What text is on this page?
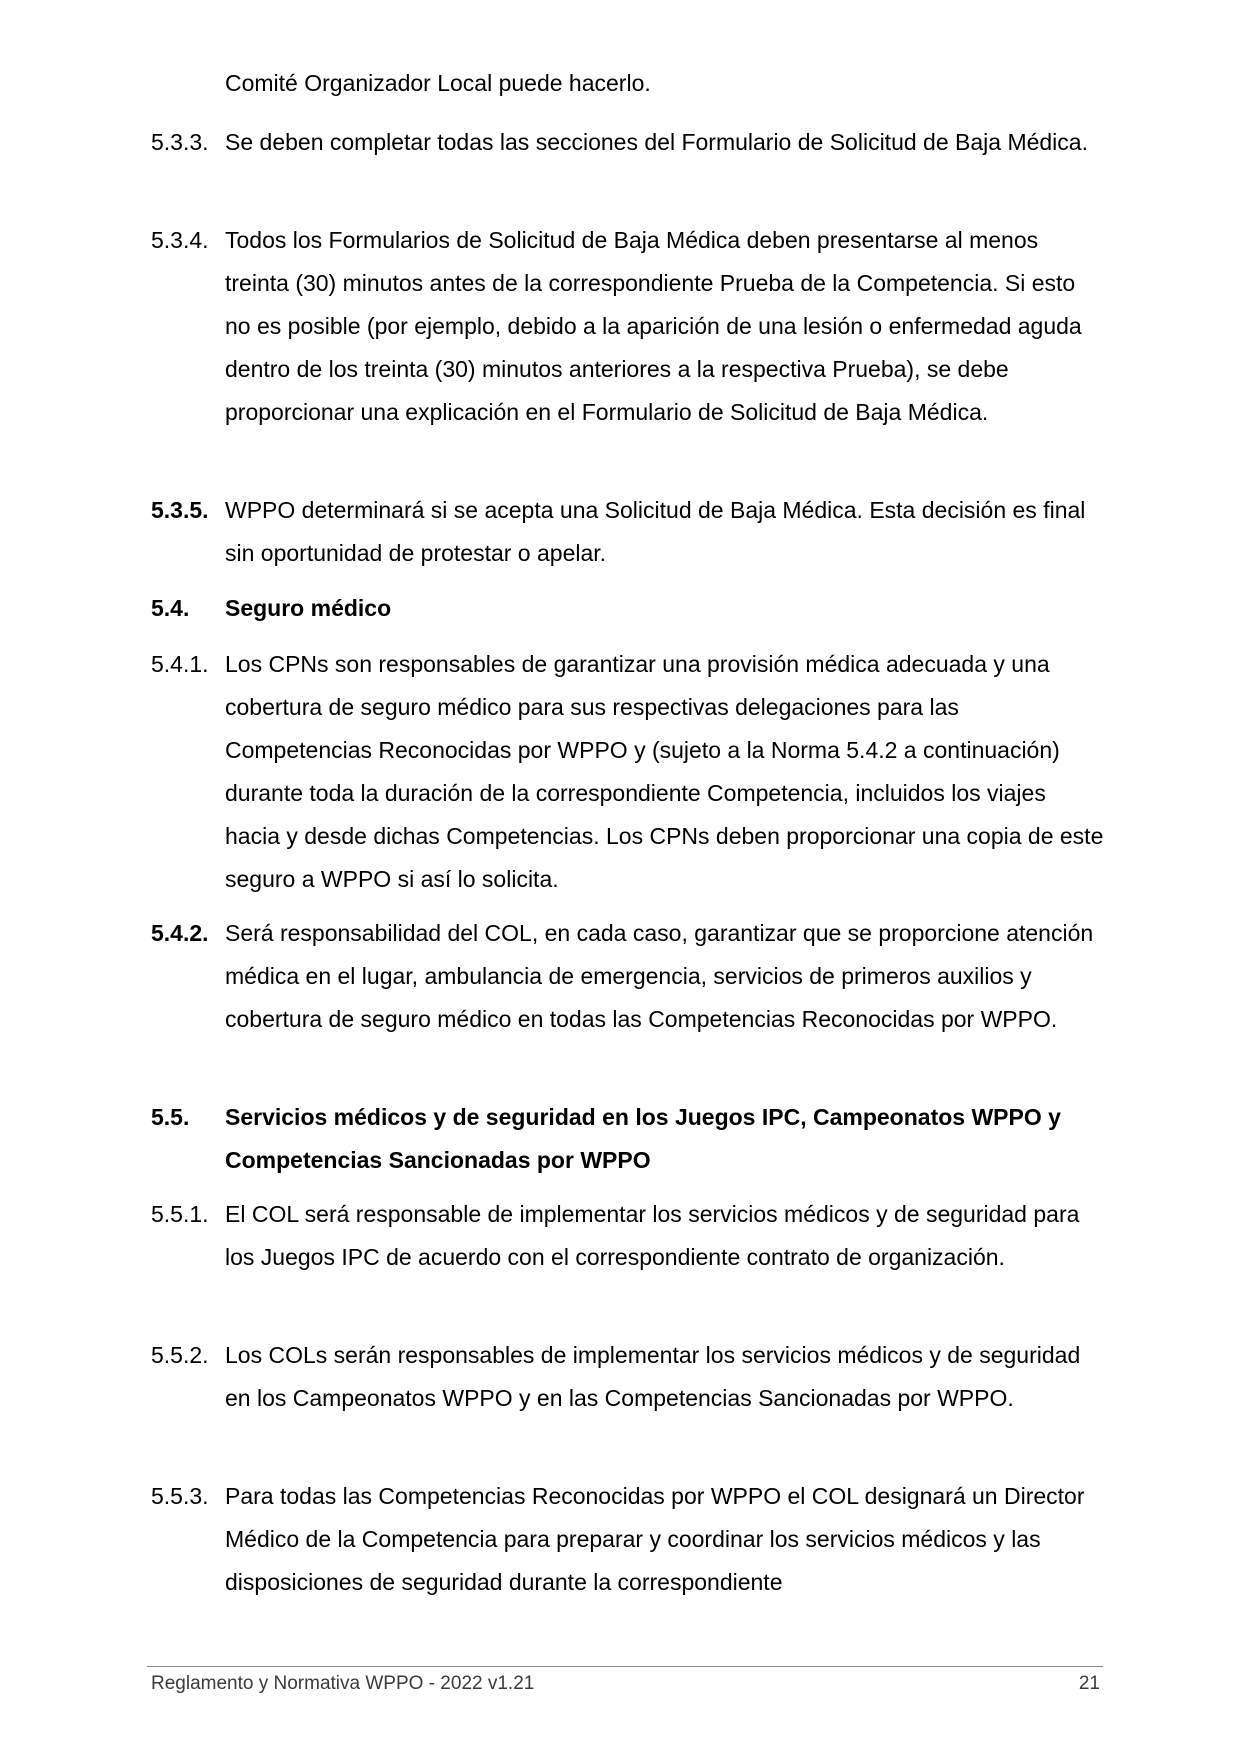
Comité Organizador Local puede hacerlo.
5.3.3. Se deben completar todas las secciones del Formulario de Solicitud de Baja Médica.
5.3.4. Todos los Formularios de Solicitud de Baja Médica deben presentarse al menos treinta (30) minutos antes de la correspondiente Prueba de la Competencia. Si esto no es posible (por ejemplo, debido a la aparición de una lesión o enfermedad aguda dentro de los treinta (30) minutos anteriores a la respectiva Prueba), se debe proporcionar una explicación en el Formulario de Solicitud de Baja Médica.
5.3.5. WPPO determinará si se acepta una Solicitud de Baja Médica. Esta decisión es final sin oportunidad de protestar o apelar.
5.4. Seguro médico
5.4.1. Los CPNs son responsables de garantizar una provisión médica adecuada y una cobertura de seguro médico para sus respectivas delegaciones para las Competencias Reconocidas por WPPO y (sujeto a la Norma 5.4.2 a continuación) durante toda la duración de la correspondiente Competencia, incluidos los viajes hacia y desde dichas Competencias. Los CPNs deben proporcionar una copia de este seguro a WPPO si así lo solicita.
5.4.2. Será responsabilidad del COL, en cada caso, garantizar que se proporcione atención médica en el lugar, ambulancia de emergencia, servicios de primeros auxilios y cobertura de seguro médico en todas las Competencias Reconocidas por WPPO.
5.5. Servicios médicos y de seguridad en los Juegos IPC, Campeonatos WPPO y Competencias Sancionadas por WPPO
5.5.1. El COL será responsable de implementar los servicios médicos y de seguridad para los Juegos IPC de acuerdo con el correspondiente contrato de organización.
5.5.2. Los COLs serán responsables de implementar los servicios médicos y de seguridad en los Campeonatos WPPO y en las Competencias Sancionadas por WPPO.
5.5.3. Para todas las Competencias Reconocidas por WPPO el COL designará un Director Médico de la Competencia para preparar y coordinar los servicios médicos y las disposiciones de seguridad durante la correspondiente
Reglamento y Normativa WPPO - 2022 v1.21	21
